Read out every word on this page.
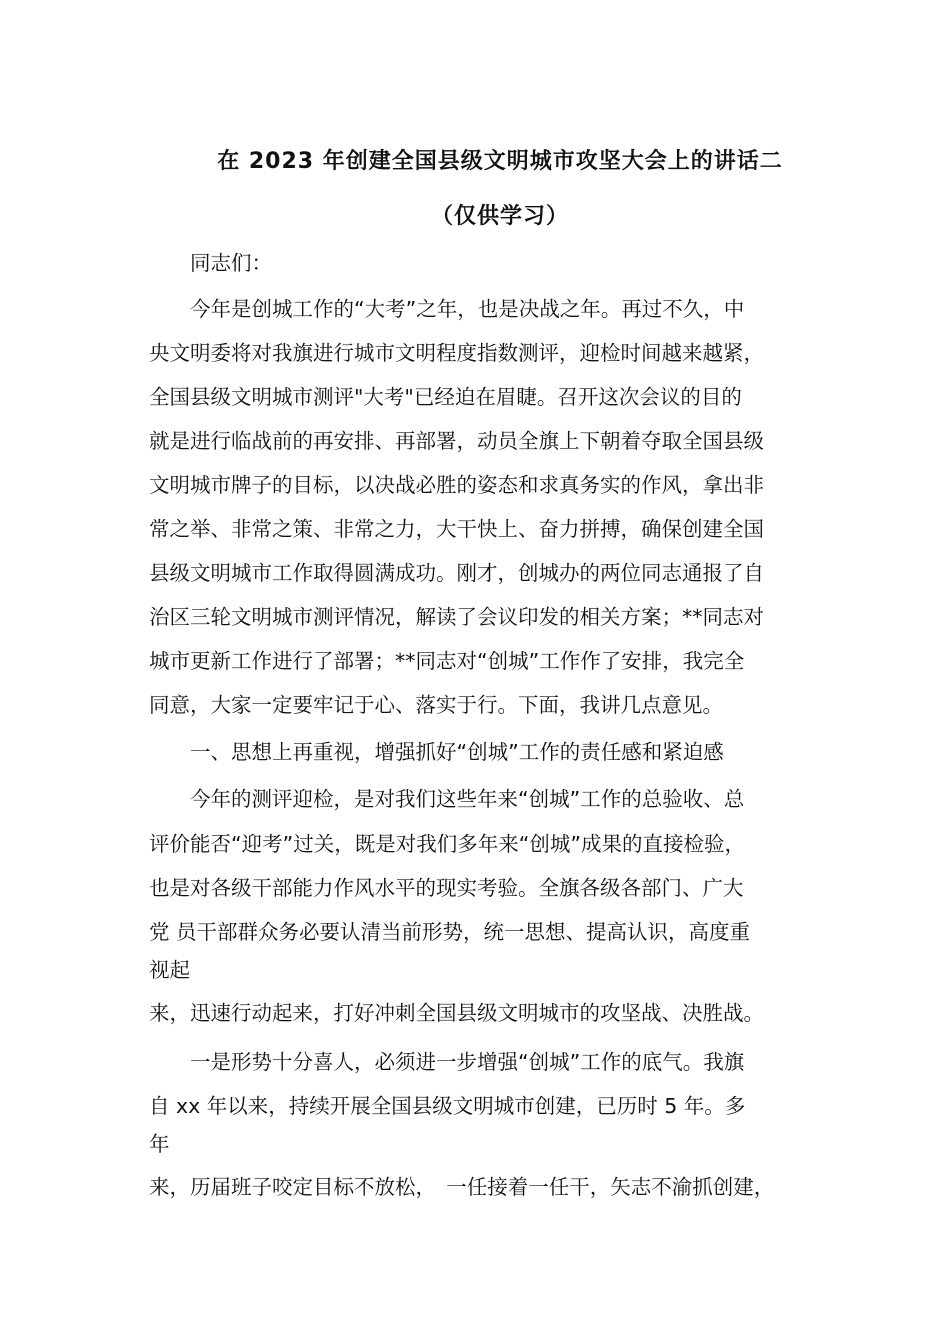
在 2023 年创建全国县级文明城市攻坚大会上的讲话二
（仅供学习）
　　同志们：
　　今年是创城工作的“大考”之年，也是决战之年。再过不久，中
央文明委将对我旗进行城市文明程度指数测评，迎检时间越来越紧，
全国县级文明城市测评"大考"已经迫在眉睫。召开这次会议的目的
就是进行临战前的再安排、再部署，动员全旗上下朝着夺取全国县级
文明城市牌子的目标，以决战必胜的姿态和求真务实的作风，拿出非
常之举、非常之策、非常之力，大干快上、奋力拼搏，确保创建全国
县级文明城市工作取得圆满成功。刚才，创城办的两位同志通报了自
治区三轮文明城市测评情况，解读了会议印发的相关方案；**同志对
城市更新工作进行了部署；**同志对“创城”工作作了安排，我完全
同意，大家一定要牢记于心、落实于行。下面，我讲几点意见。
　　一、思想上再重视，增强抓好“创城”工作的责任感和紧迫感
　　今年的测评迎检，是对我们这些年来“创城”工作的总验收、总
评价能否“迎考”过关，既是对我们多年来“创城”成果的直接检验，
也是对各级干部能力作风水平的现实考验。全旗各级各部门、广大
党 员干部群众务必要认清当前形势，统一思想、提高认识，高度重
视起
来，迅速行动起来，打好冲刺全国县级文明城市的攻坚战、决胜战。
　　一是形势十分喜人，必须进一步增强“创城”工作的底气。我旗
自 xx 年以来，持续开展全国县级文明城市创建，已历时 5 年。多
年
来，历届班子咬定目标不放松，　一任接着一任干，矢志不渝抓创建，
